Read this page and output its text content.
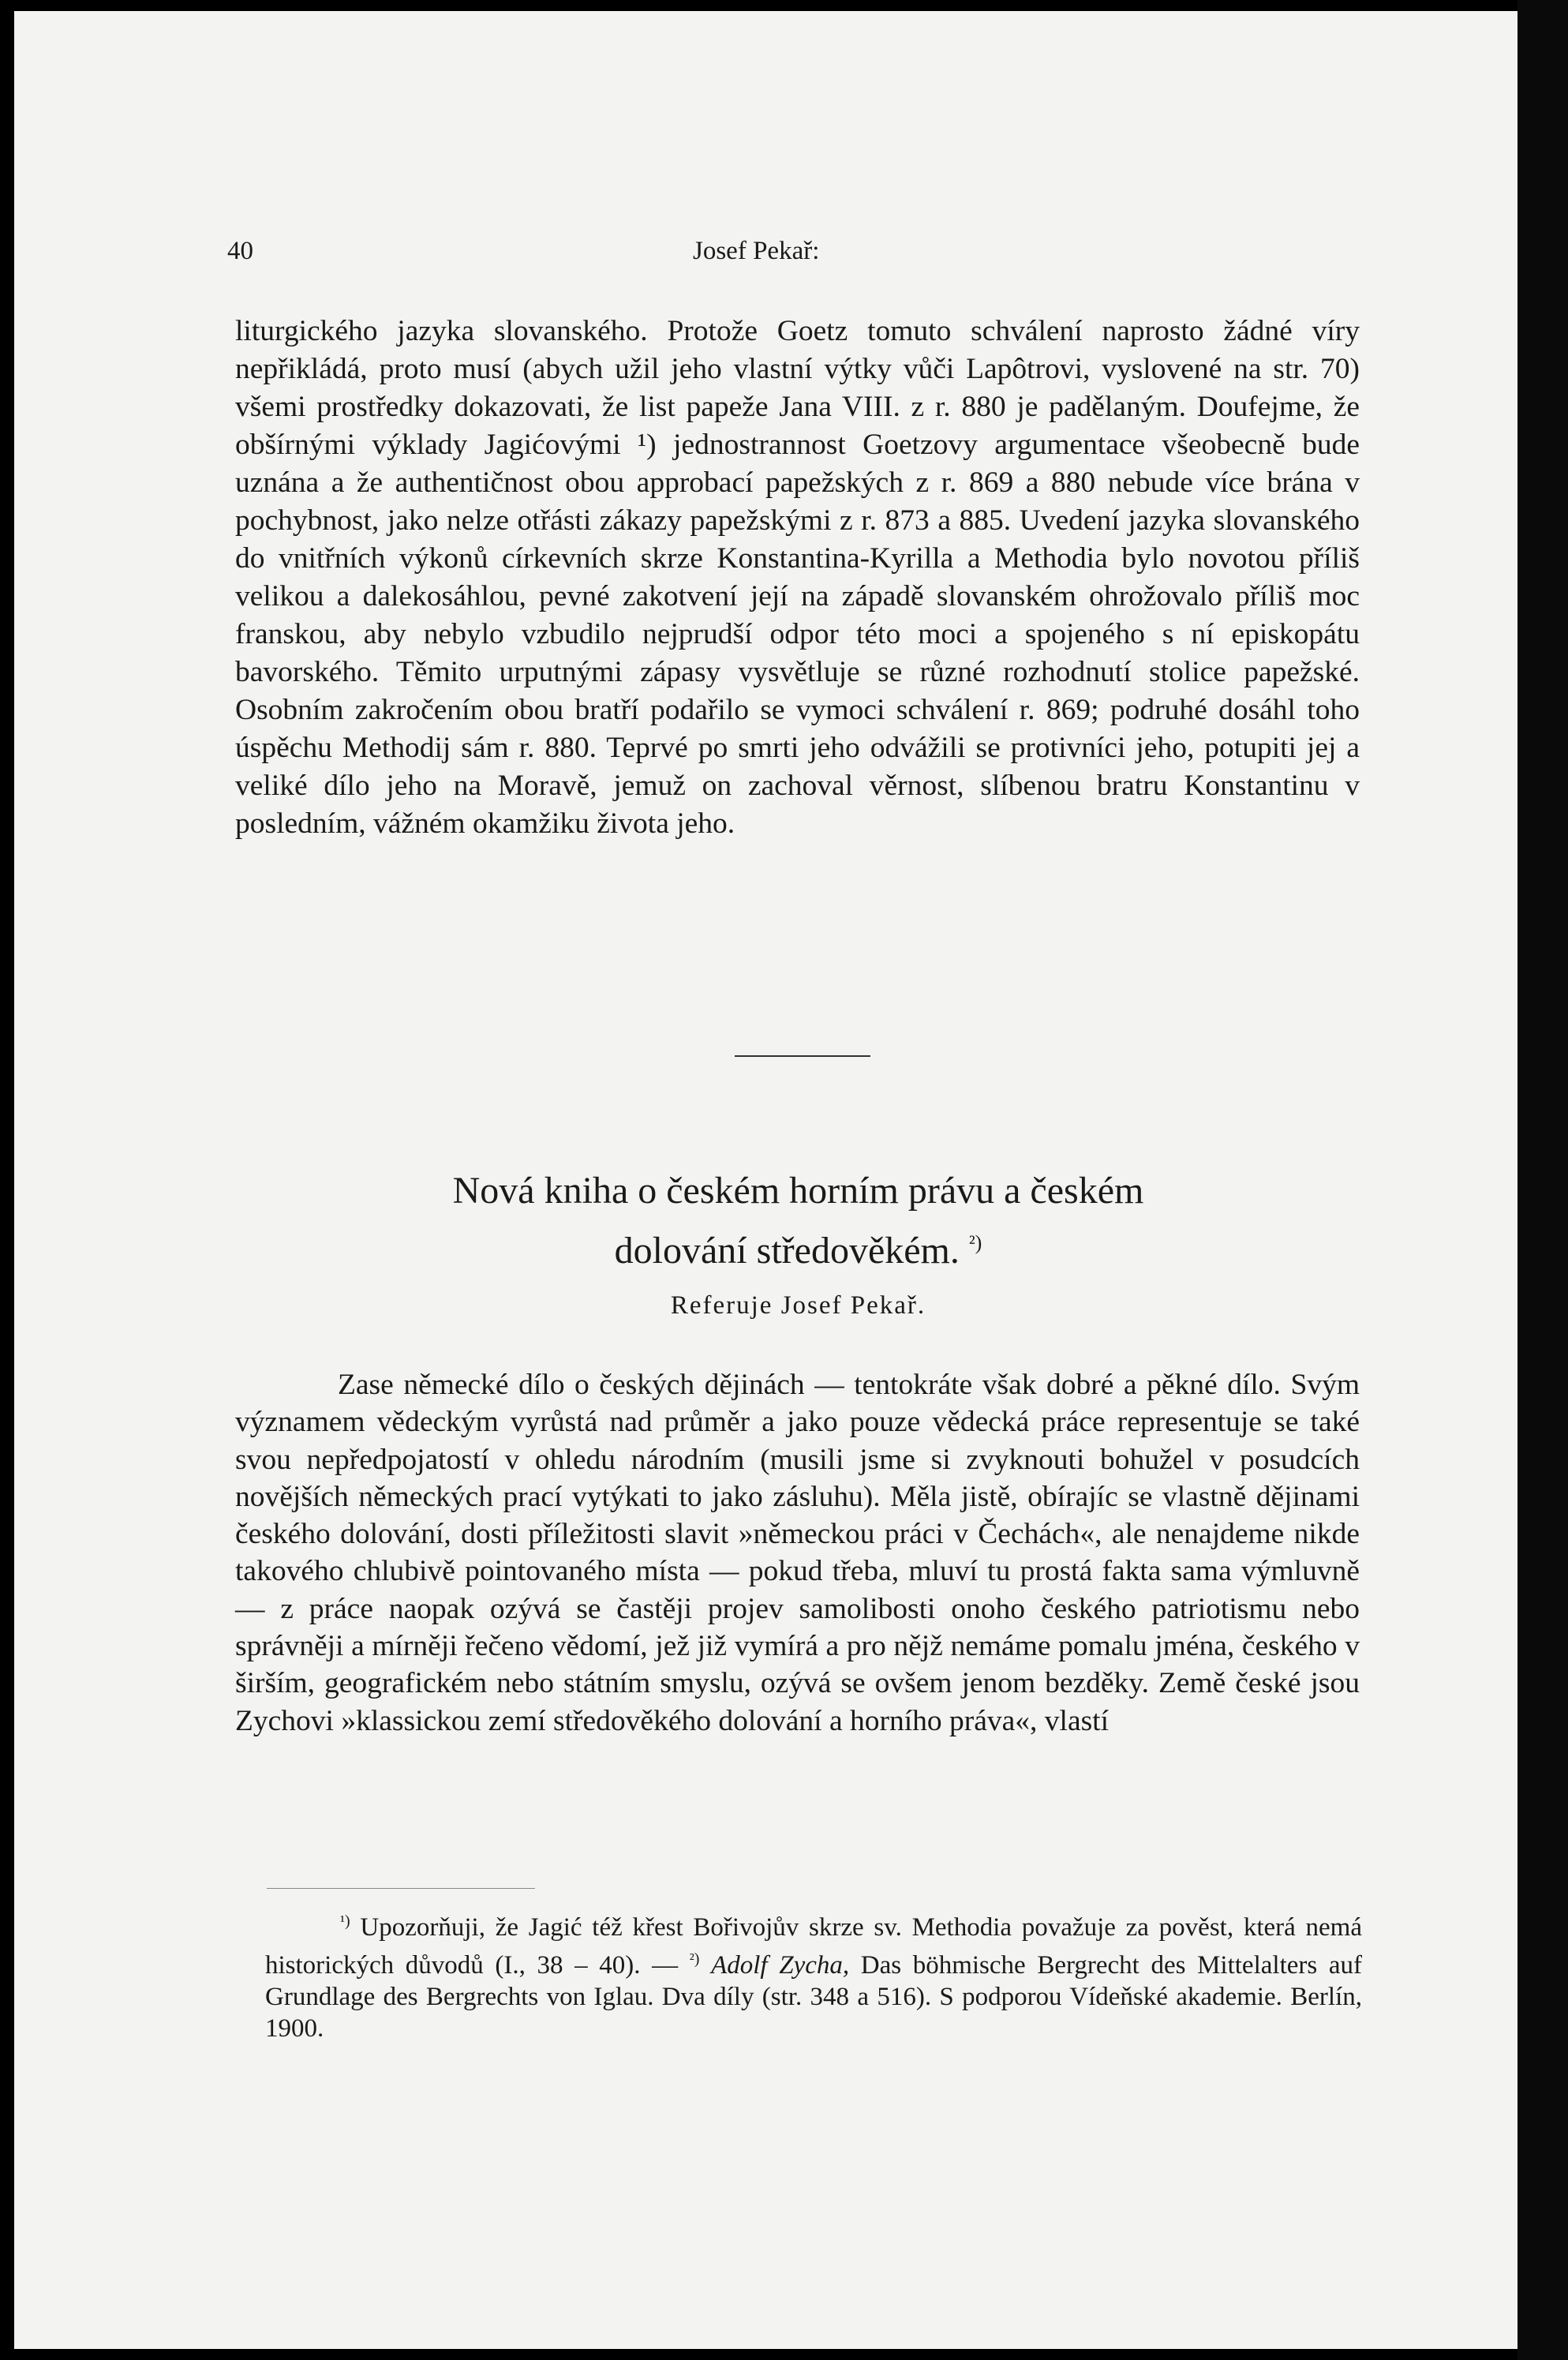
40	Josef Pekař:

liturgického jazyka slovanského. Protože Goetz tomuto schválení naprosto žádné víry nepřikládá, proto musí (abych užil jeho vlastní výtky vůči Lapôtrovi, vyslovené na str. 70) všemi prostředky dokazovati, že list papeže Jana VIII. z r. 880 je padělaným. Doufejme, že obšírnými výklady Jagićovými ¹) jednostrannost Goetzovy argumentace všeobecně bude uznána a že authentičnost obou approbací papežských z r. 869 a 880 nebude více brána v pochybnost, jako nelze otřásti zákazy papežskými z r. 873 a 885. Uvedení jazyka slovanského do vnitřních výkonů církevních skrze Konstantina-Kyrilla a Methodia bylo novotou příliš velikou a dalekosáhlou, pevné zakotvení její na západě slovanském ohrožovalo příliš moc franskou, aby nebylo vzbudilo nejprudší odpor této moci a spojeného s ní episkopátu bavorského. Těmito urputnými zápasy vysvětluje se různé rozhodnutí stolice papežské. Osobním zakročením obou bratří podařilo se vymoci schválení r. 869; podruhé dosáhl toho úspěchu Methodij sám r. 880. Teprvé po smrti jeho odvážili se protivníci jeho, potupiti jej a veliké dílo jeho na Moravě, jemuž on zachoval věrnost, slíbenou bratru Konstantinu v posledním, vážném okamžiku života jeho.

Nová kniha o českém horním právu a českém
dolování středověkém. $^{^2)}$
Referuje Josef Pekař.

Zase německé dílo o českých dějinách — tentokráte však dobré a pěkné dílo. Svým významem vědeckým vyrůstá nad průměr a jako pouze vědecká práce representuje se také svou nepředpojatostí v ohledu národním (musili jsme si zvyknouti bohužel v posudcích novějších německých prací vytýkati to jako zásluhu). Měla jistě, obírajíc se vlastně dějinami českého dolování, dosti příležitosti slavit »německou práci v Čechách«, ale nenajdeme nikde takového chlubivě pointovaného místa — pokud třeba, mluví tu prostá fakta sama výmluvně — z práce naopak ozývá se častěji projev samolibosti onoho českého patriotismu nebo správněji a mírněji řečeno vědomí, jež již vymírá a pro nějž nemáme pomalu jména, českého v širším, geografickém nebo státním smyslu, ozývá se ovšem jenom bezděky. Země české jsou Zychovi »klassickou zemí středověkého dolování a horního práva«, vlastí

$^{^1)}$ Upozorňuji, že Jagić též křest Bořivojův skrze sv. Methodia považuje za pověst, která nemá historických důvodů (I., 38 – 40). — $^{^2)}$ Adolf Zycha, Das böhmische Bergrecht des Mittelalters auf Grundlage des Bergrechts von Iglau. Dva díly (str. 348 a 516). S podporou Vídeňské akademie. Berlín, 1900.
